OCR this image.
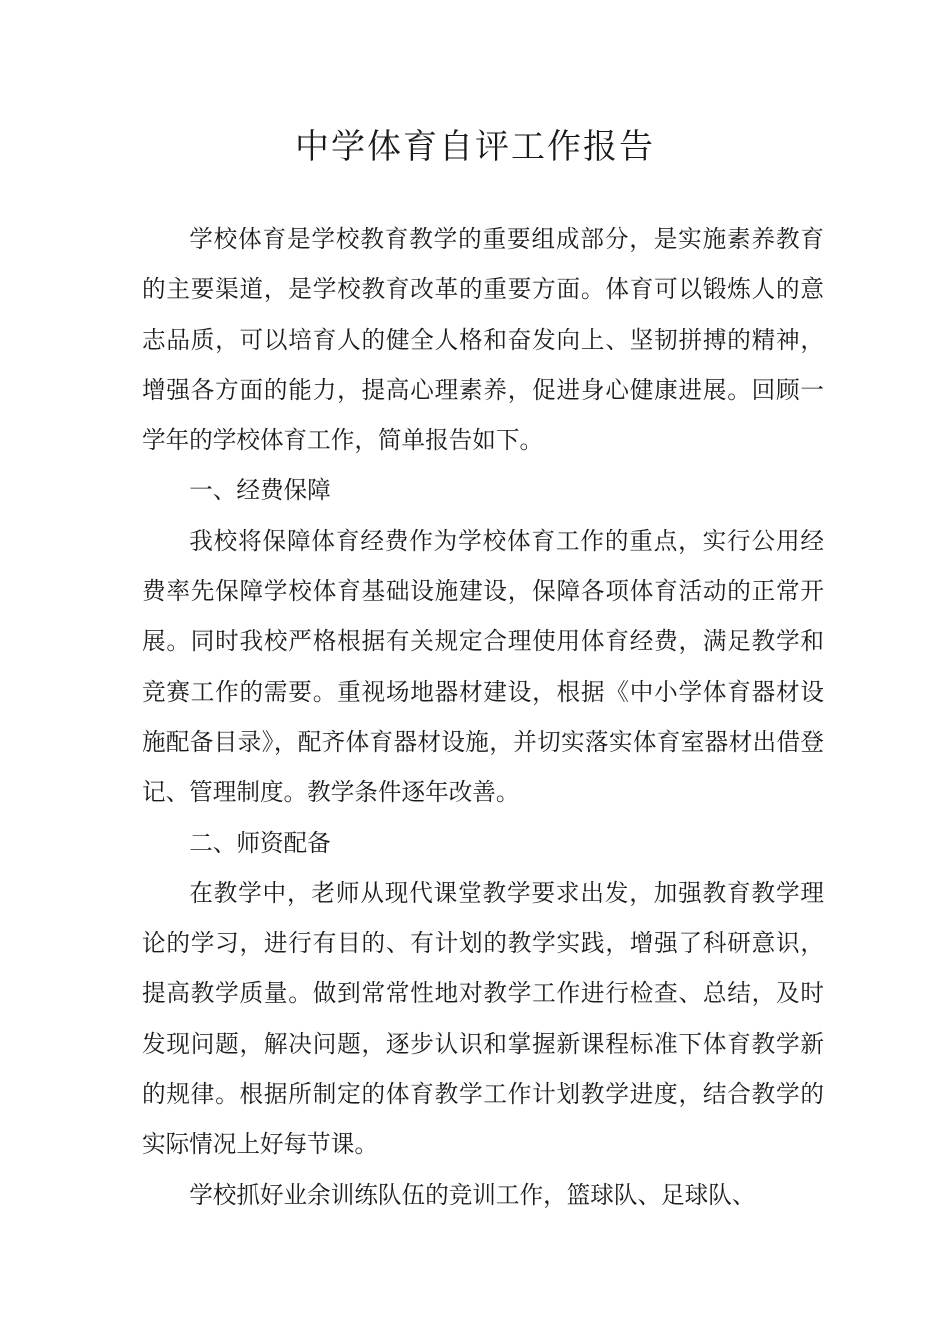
中学体育自评工作报告

学校体育是学校教育教学的重要组成部分，是实施素养教育的主要渠道，是学校教育改革的重要方面。体育可以锻炼人的意志品质，可以培育人的健全人格和奋发向上、坚韧拼搏的精神，增强各方面的能力，提高心理素养，促进身心健康进展。回顾一学年的学校体育工作，简单报告如下。

一、经费保障

我校将保障体育经费作为学校体育工作的重点，实行公用经费率先保障学校体育基础设施建设，保障各项体育活动的正常开展。同时我校严格根据有关规定合理使用体育经费，满足教学和竞赛工作的需要。重视场地器材建设，根据《中小学体育器材设施配备目录》，配齐体育器材设施，并切实落实体育室器材出借登记、管理制度。教学条件逐年改善。

二、师资配备

在教学中，老师从现代课堂教学要求出发，加强教育教学理论的学习，进行有目的、有计划的教学实践，增强了科研意识，提高教学质量。做到常常性地对教学工作进行检查、总结，及时发现问题，解决问题，逐步认识和掌握新课程标准下体育教学新的规律。根据所制定的体育教学工作计划教学进度，结合教学的实际情况上好每节课。

学校抓好业余训练队伍的竞训工作，篮球队、足球队、
